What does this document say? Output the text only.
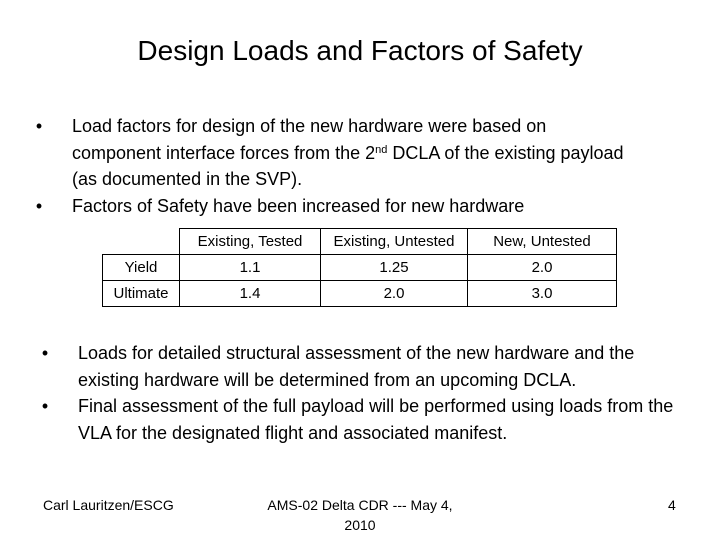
Design Loads and Factors of Safety
•	Load factors for design of the new hardware were based on component interface forces from the 2nd DCLA of the existing payload (as documented in the SVP).
•	Factors of Safety have been increased for new hardware
	Existing, Tested	Existing, Untested	New, Untested
Yield	1.1	1.25	2.0
Ultimate	1.4	2.0	3.0
•	Loads for detailed structural assessment of the new hardware and the existing hardware will be determined from an upcoming DCLA.
•	Final assessment of the full payload will be performed using loads from the VLA for the designated flight and associated manifest.
Carl Lauritzen/ESCG	AMS-02 Delta CDR --- May 4, 2010
4
